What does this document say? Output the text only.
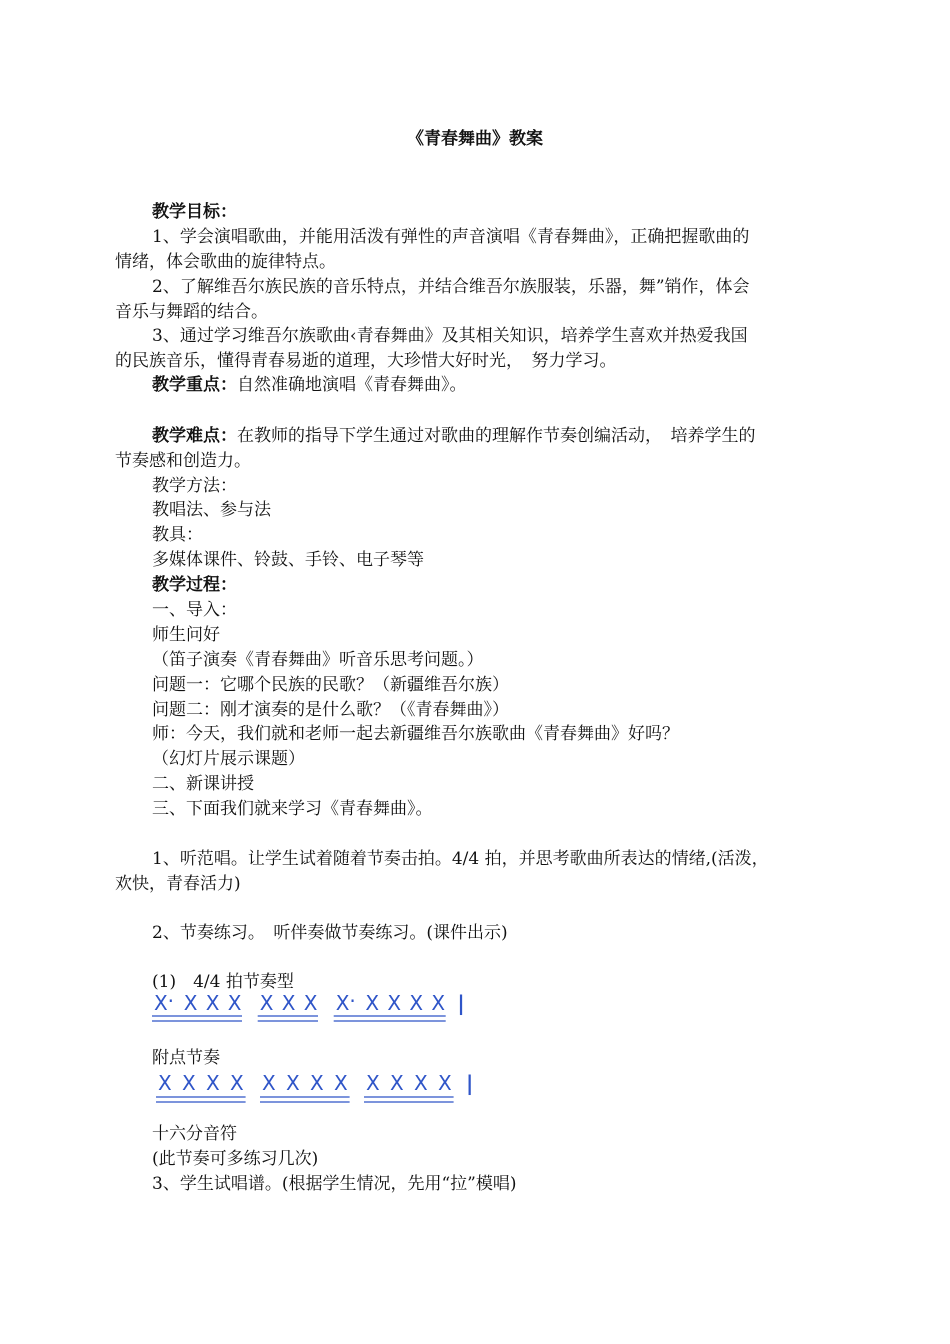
《青春舞曲》教案
教学目标：
1、学会演唱歌曲，并能用活泼有弹性的声音演唱《青春舞曲》，正确把握歌曲的
情绪，体会歌曲的旋律特点。
2、了解维吾尔族民族的音乐特点，并结合维吾尔族服装，乐器，舞”销作，体会
音乐与舞蹈的结合。
3、通过学习维吾尔族歌曲‹青春舞曲》及其相关知识，培养学生喜欢并热爱我国
的民族音乐，懂得青春易逝的道理，大珍惜大好时光，　努力学习。
教学重点：自然准确地演唱《青春舞曲》。
教学难点：在教师的指导下学生通过对歌曲的理解作节奏创编活动，　培养学生的
节奏感和创造力。
教学方法：
教唱法、参与法
教具：
多媒体课件、铃鼓、手铃、电子琴等
教学过程：
一、导入：
师生问好
（笛子演奏《青春舞曲》听音乐思考问题。）
问题一：它哪个民族的民歌？（新疆维吾尔族）
问题二：刚才演奏的是什么歌？（《青春舞曲》）
师：今天，我们就和老师一起去新疆维吾尔族歌曲《青春舞曲》好吗？
（幻灯片展示课题）
二、新课讲授
三、下面我们就来学习《青春舞曲》。
1、听范唱。让学生试着随着节奏击拍。4/4 拍，并思考歌曲所表达的情绪,(活泼，
欢快，青春活力)
2、节奏练习。　听伴奏做节奏练习。(课件出示)
(1)　4/4 拍节奏型
X · X X X X X X X · X X X X |
附点节奏
X X X X X X X X X X X X |
十六分音符
(此节奏可多练习几次)
3、学生试唱谱。(根据学生情况，先用“拉”模唱)
